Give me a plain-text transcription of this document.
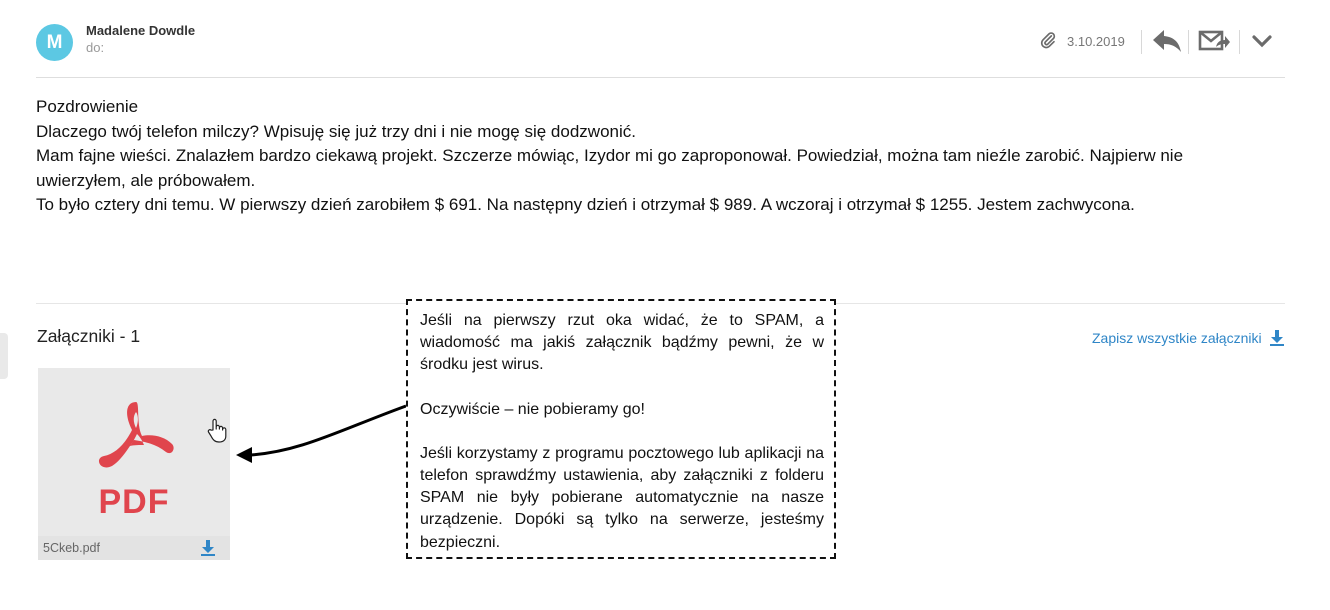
M
Madalene Dowdle
do:	3.10.2019

Pozdrowienie

Dlaczego twój telefon milczy? Wpisuję się już trzy dni i nie mogę się dodzwonić.

Mam fajne wieści. Znalazłem bardzo ciekawą projekt. Szczerze mówiąc, Izydor mi go zaproponował. Powiedział, można tam nieźle zarobić. Najpierw nie uwierzyłem, ale próbowałem.

To było cztery dni temu. W pierwszy dzień zarobiłem $ 691. Na następny dzień i otrzymał $ 989. A wczoraj i otrzymał $ 1255. Jestem zachwycona.

Załączniki - 1	Zapisz wszystkie załączniki
PDF
5Ckeb.pdf

Jeśli na pierwszy rzut oka widać, że to SPAM, a wiadomość ma jakiś załącznik bądźmy pewni, że w środku jest wirus.

Oczywiście – nie pobieramy go!

Jeśli korzystamy z programu pocztowego lub aplikacji na telefon sprawdźmy ustawienia, aby załączniki z folderu SPAM nie były pobierane automatycznie na nasze urządzenie. Dopóki są tylko na serwerze, jesteśmy bezpieczni.
